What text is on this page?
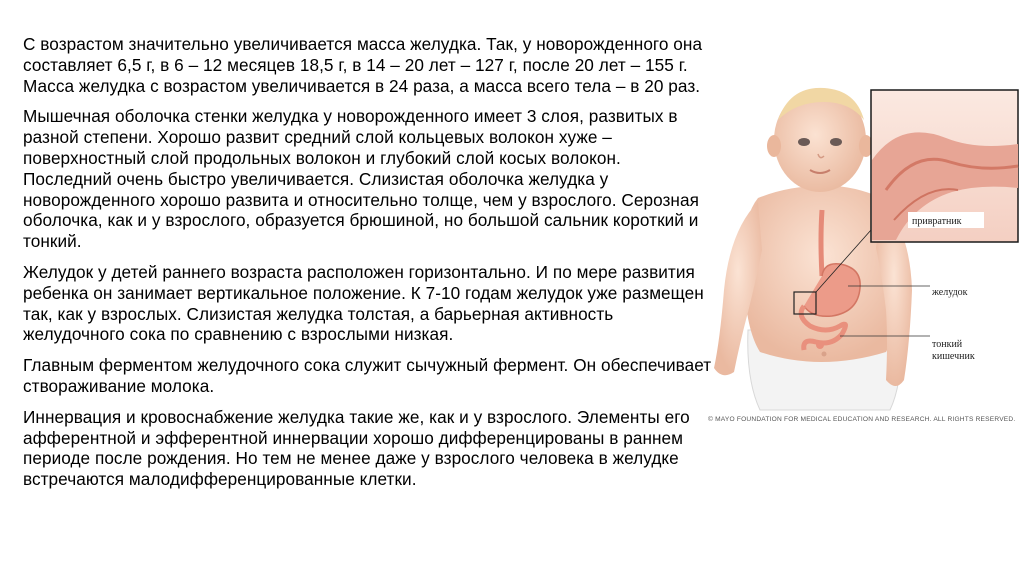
С возрастом значительно увеличивается масса желудка. Так, у новорожденного она составляет 6,5 г, в 6 – 12 месяцев 18,5 г, в 14 – 20 лет – 127 г, после 20 лет – 155 г. Масса желудка с возрастом увеличивается в 24 раза, а масса всего тела – в 20 раз.

Мышечная оболочка стенки желудка у новорожденного имеет 3 слоя, развитых в разной степени. Хорошо развит средний слой кольцевых волокон хуже – поверхностный слой продольных волокон и глубокий слой косых волокон. Последний очень быстро увеличивается. Слизистая оболочка желудка у новорожденного хорошо развита и относительно толще, чем у взрослого. Серозная оболочка, как и у взрослого, образуется брюшиной, но большой сальник короткий и тонкий.

Желудок у детей раннего возраста расположен горизонтально. И по мере развития ребенка он занимает вертикальное положение. К 7-10 годам желудок уже размещен так, как у взрослых. Слизистая желудка толстая, а барьерная активность желудочного сока по сравнению с взрослыми низкая.

Главным ферментом желудочного сока служит сычужный фермент. Он обеспечивает створаживание молока.

Иннервация и кровоснабжение желудка такие же, как и у взрослого. Элементы его афферентной и эфферентной иннервации хорошо дифференцированы в раннем периоде после рождения. Но тем не менее даже у взрослого человека в желудке встречаются малодифференцированные клетки.

привратник
желудок
тонкий
кишечник
© MAYO FOUNDATION FOR MEDICAL EDUCATION AND RESEARCH. ALL RIGHTS RESERVED.
